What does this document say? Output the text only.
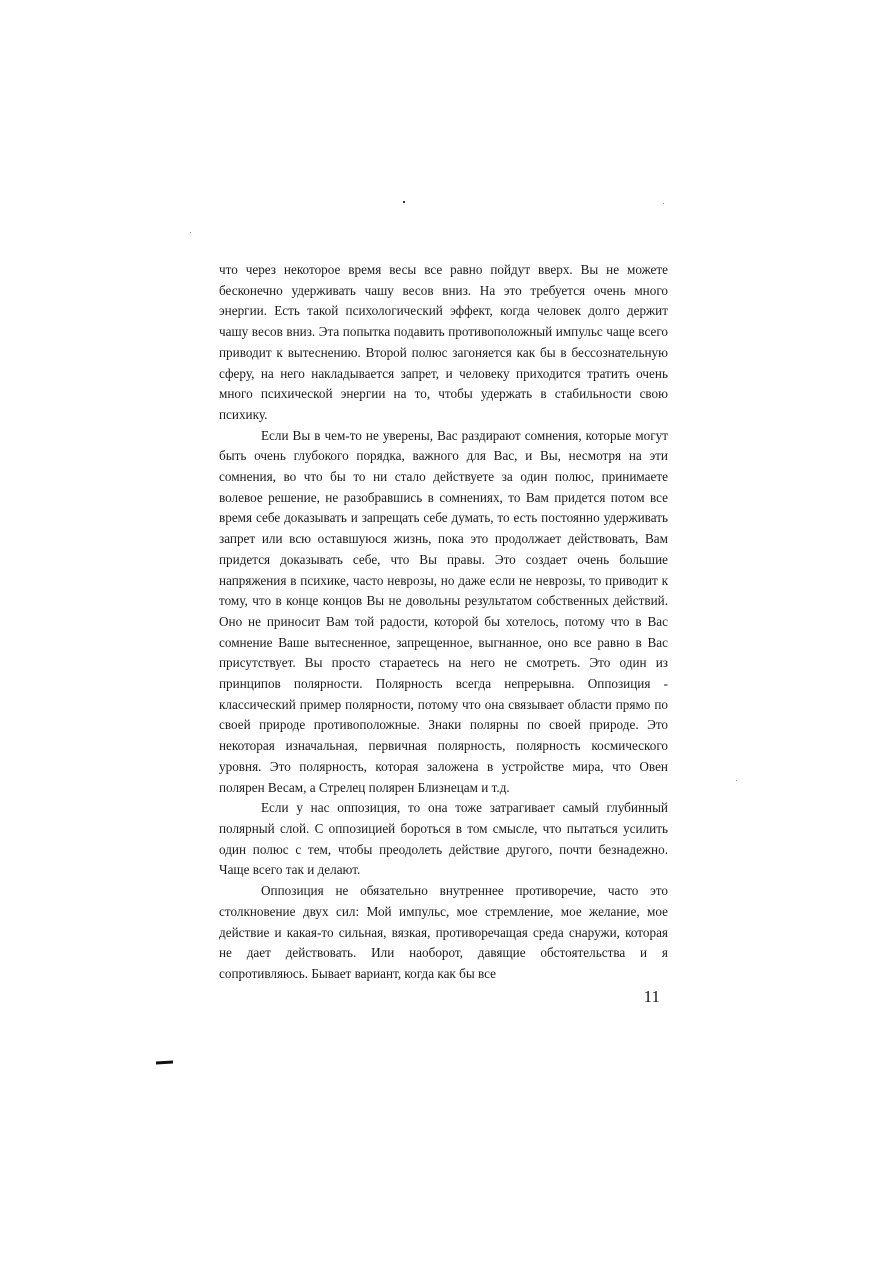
что через некоторое время весы все равно пойдут вверх. Вы не можете бесконечно удерживать чашу весов вниз. На это требуется очень много энергии. Есть такой психологический эффект, когда человек долго держит чашу весов вниз. Эта попытка подавить противоположный импульс чаще всего приводит к вытеснению. Второй полюс загоняется как бы в бессознательную сферу, на него накладывается запрет, и человеку приходится тратить очень много психической энергии на то, чтобы удержать в стабильности свою психику.

Если Вы в чем-то не уверены, Вас раздирают сомнения, которые могут быть очень глубокого порядка, важного для Вас, и Вы, несмотря на эти сомнения, во что бы то ни стало действуете за один полюс, принимаете волевое решение, не разобравшись в сомнениях, то Вам придется потом все время себе доказывать и запрещать себе думать, то есть постоянно удерживать запрет или всю оставшуюся жизнь, пока это продолжает действовать, Вам придется доказывать себе, что Вы правы. Это создает очень большие напряжения в психике, часто неврозы, но даже если не неврозы, то приводит к тому, что в конце концов Вы не довольны результатом собственных действий. Оно не приносит Вам той радости, которой бы хотелось, потому что в Вас сомнение Ваше вытесненное, запрещенное, выгнанное, оно все равно в Вас присутствует. Вы просто стараетесь на него не смотреть. Это один из принципов полярности. Полярность всегда непрерывна. Оппозиция - классический пример полярности, потому что она связывает области прямо по своей природе противоположные. Знаки полярны по своей природе. Это некоторая изначальная, первичная полярность, полярность космического уровня. Это полярность, которая заложена в устройстве мира, что Овен полярен Весам, а Стрелец полярен Близнецам и т.д.

Если у нас оппозиция, то она тоже затрагивает самый глубинный полярный слой. С оппозицией бороться в том смысле, что пытаться усилить один полюс с тем, чтобы преодолеть действие другого, почти безнадежно. Чаще всего так и делают.

Оппозиция не обязательно внутреннее противоречие, часто это столкновение двух сил: Мой импульс, мое стремление, мое желание, мое действие и какая-то сильная, вязкая, противоречащая среда снаружи, которая не дает действовать. Или наоборот, давящие обстоятельства и я сопротивляюсь. Бывает вариант, когда как бы все

11
